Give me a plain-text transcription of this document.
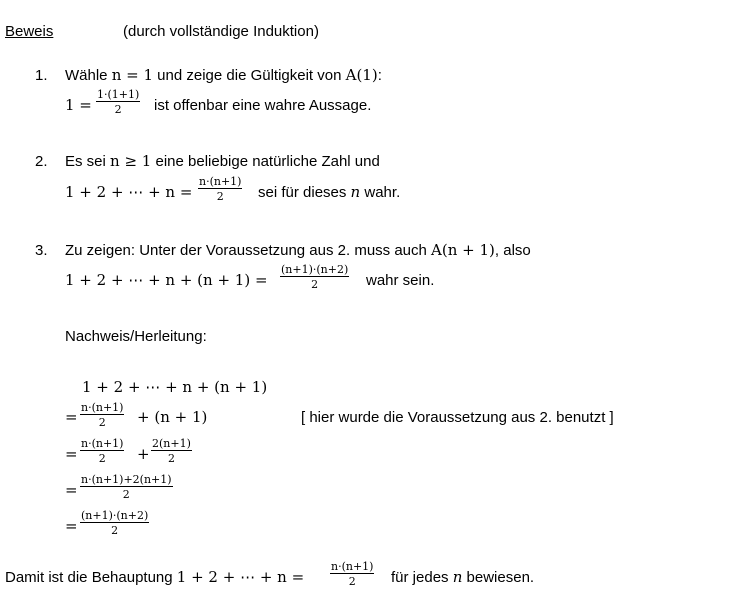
Beweis	(durch vollständige Induktion)
1. Wähle n = 1 und zeige die Gültigkeit von A(1):
$1 = \frac{1\cdot(1+1)}{2}$ ist offenbar eine wahre Aussage.
2. Es sei n ≥ 1 eine beliebige natürliche Zahl und
1 + 2 + ⋯ + $n = \frac{n\cdot(n+1)}{2}$ sei für dieses n wahr.
3. Zu zeigen: Unter der Voraussetzung aus 2. muss auch A(n + 1), also
1 + 2 + ⋯ + $n + (n + 1) = \frac{(n+1)\cdot(n+2)}{2}$ wahr sein.
Nachweis/Herleitung:
1 + 2 + ⋯ + n + (n + 1)
= $\frac{n\cdot(n+1)}{2} + (n + 1)$	[ hier wurde die Voraussetzung aus 2. benutzt ]
= $\frac{n\cdot(n+1)}{2} + \frac{2(n+1)}{2}$
= $\frac{n\cdot(n+1)+2(n+1)}{2}$
= $\frac{(n+1)\cdot(n+2)}{2}$
Damit ist die Behauptung 1 + 2 + ⋯ + $n = \frac{n\cdot(n+1)}{2}$ für jedes n bewiesen.
